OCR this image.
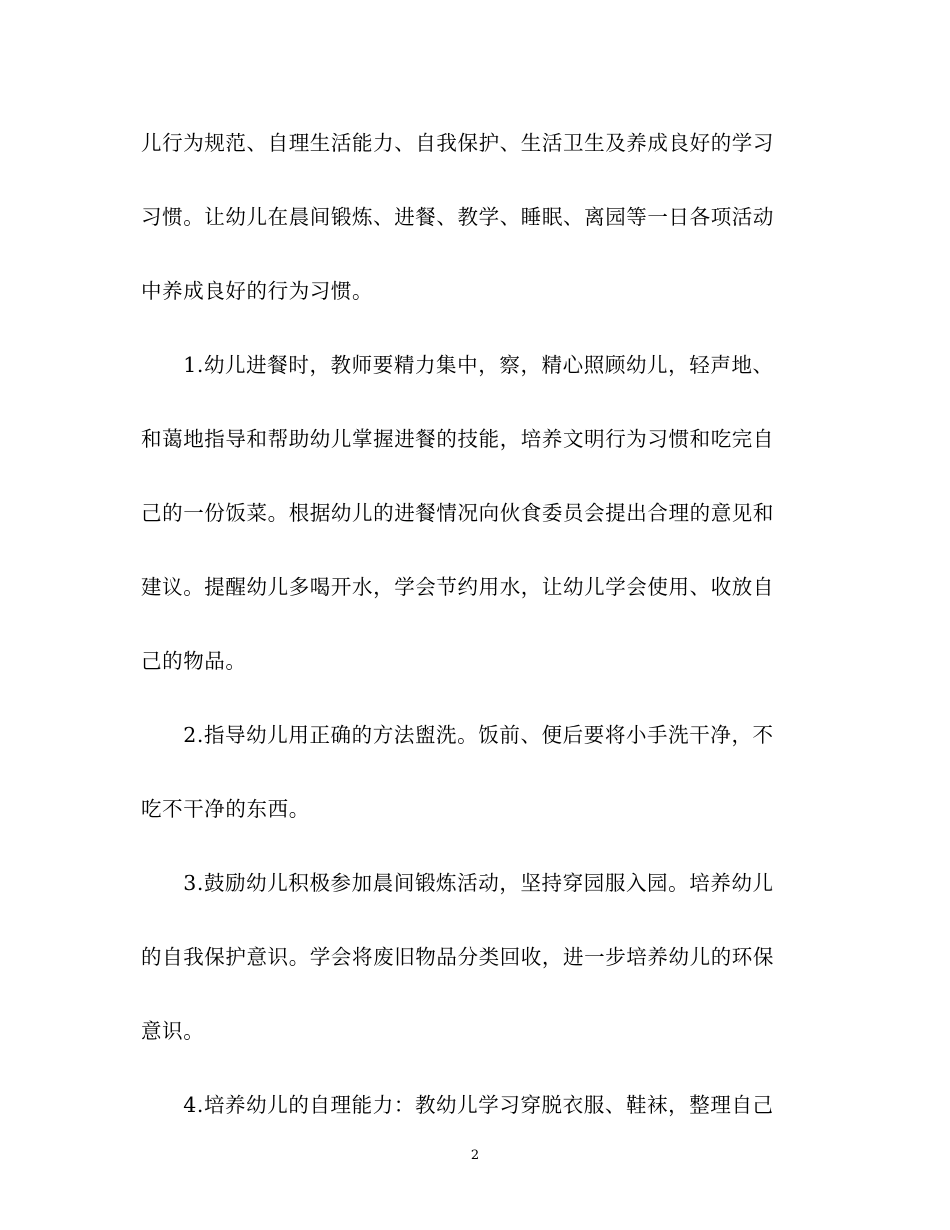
儿行为规范、自理生活能力、自我保护、生活卫生及养成良好的学习
习惯。让幼儿在晨间锻炼、进餐、教学、睡眠、离园等一日各项活动
中养成良好的行为习惯。
　　1.幼儿进餐时，教师要精力集中，察，精心照顾幼儿，轻声地、
和蔼地指导和帮助幼儿掌握进餐的技能，培养文明行为习惯和吃完自
己的一份饭菜。根据幼儿的进餐情况向伙食委员会提出合理的意见和
建议。提醒幼儿多喝开水，学会节约用水，让幼儿学会使用、收放自
己的物品。
　　2.指导幼儿用正确的方法盥洗。饭前、便后要将小手洗干净，不
吃不干净的东西。
　　3.鼓励幼儿积极参加晨间锻炼活动，坚持穿园服入园。培养幼儿
的自我保护意识。学会将废旧物品分类回收，进一步培养幼儿的环保
意识。
　　4.培养幼儿的自理能力：教幼儿学习穿脱衣服、鞋袜，整理自己
2
